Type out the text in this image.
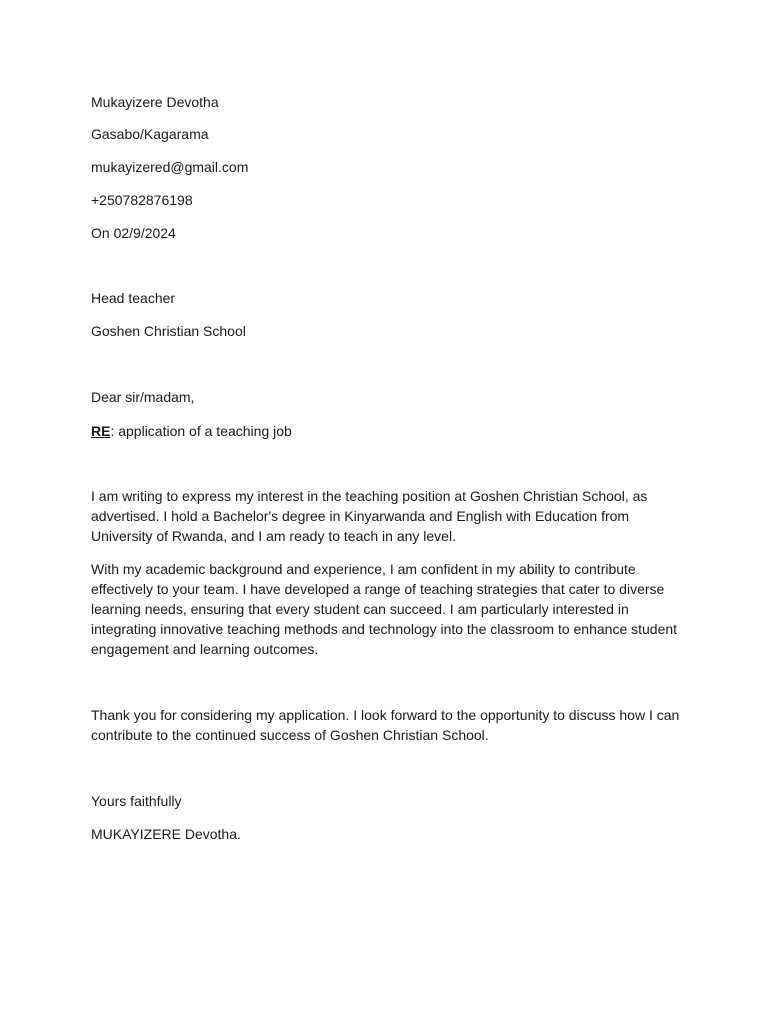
Mukayizere Devotha

Gasabo/Kagarama

mukayizered@gmail.com

+250782876198

On 02/9/2024

Head teacher

Goshen Christian School

Dear sir/madam,

RE: application of a teaching job

I am writing to express my interest in the teaching position at Goshen Christian School, as
advertised. I hold a Bachelor's degree in Kinyarwanda and English with Education from
University of Rwanda, and I am ready to teach in any level.
With my academic background and experience, I am confident in my ability to contribute
effectively to your team. I have developed a range of teaching strategies that cater to diverse
learning needs, ensuring that every student can succeed. I am particularly interested in
integrating innovative teaching methods and technology into the classroom to enhance student
engagement and learning outcomes.
Thank you for considering my application. I look forward to the opportunity to discuss how I can
contribute to the continued success of Goshen Christian School.

Yours faithfully

MUKAYIZERE Devotha.
